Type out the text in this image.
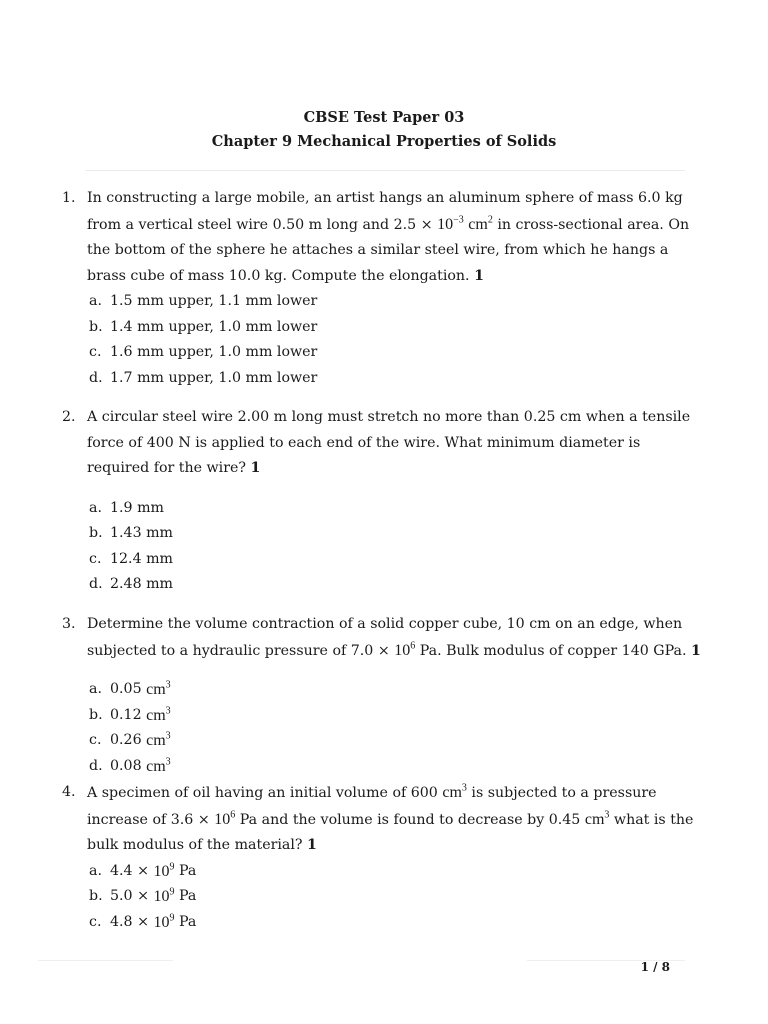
CBSE Test Paper 03
Chapter 9 Mechanical Properties of Solids
1. In constructing a large mobile, an artist hangs an aluminum sphere of mass 6.0 kg from a vertical steel wire 0.50 m long and $2.5 \times 10^{-3}$ $cm^2$ in cross-sectional area. On the bottom of the sphere he attaches a similar steel wire, from which he hangs a brass cube of mass 10.0 kg. Compute the elongation. 1
a. 1.5 mm upper, 1.1 mm lower
b. 1.4 mm upper, 1.0 mm lower
c. 1.6 mm upper, 1.0 mm lower
d. 1.7 mm upper, 1.0 mm lower
2. A circular steel wire 2.00 m long must stretch no more than 0.25 cm when a tensile force of 400 N is applied to each end of the wire. What minimum diameter is required for the wire? 1
a. 1.9 mm
b. 1.43 mm
c. 12.4 mm
d. 2.48 mm
3. Determine the volume contraction of a solid copper cube, 10 cm on an edge, when subjected to a hydraulic pressure of $7.0 \times 10^6$ Pa. Bulk modulus of copper 140 GPa. 1
a. 0.05
$cm^3$
b. 0.12
$cm^3$
c. 0.26
$cm^3$
d. 0.08
$cm^3$
4. A specimen of oil having an initial volume of 600 $cm^3$ is subjected to a pressure increase of $3.6 \times 10^6$ Pa and the volume is found to decrease by 0.45 $cm^3$ what is the bulk modulus of the material? 1
a. 4.4
×
$10^9$
Pa
b. 5.0
×
$10^9$
Pa
c. 4.8
×
$10^9$
Pa
1 / 8
